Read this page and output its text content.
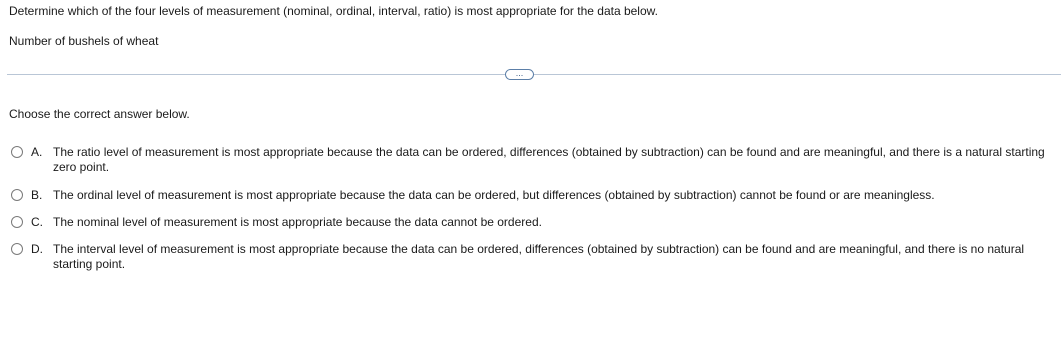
Determine which of the four levels of measurement (nominal, ordinal, interval, ratio) is most appropriate for the data below.
Number of bushels of wheat
...
Choose the correct answer below.
A. The ratio level of measurement is most appropriate because the data can be ordered, differences (obtained by subtraction) can be found and are meaningful, and there is a natural starting zero point.
B. The ordinal level of measurement is most appropriate because the data can be ordered, but differences (obtained by subtraction) cannot be found or are meaningless.
C. The nominal level of measurement is most appropriate because the data cannot be ordered.
D. The interval level of measurement is most appropriate because the data can be ordered, differences (obtained by subtraction) can be found and are meaningful, and there is no natural starting point.
